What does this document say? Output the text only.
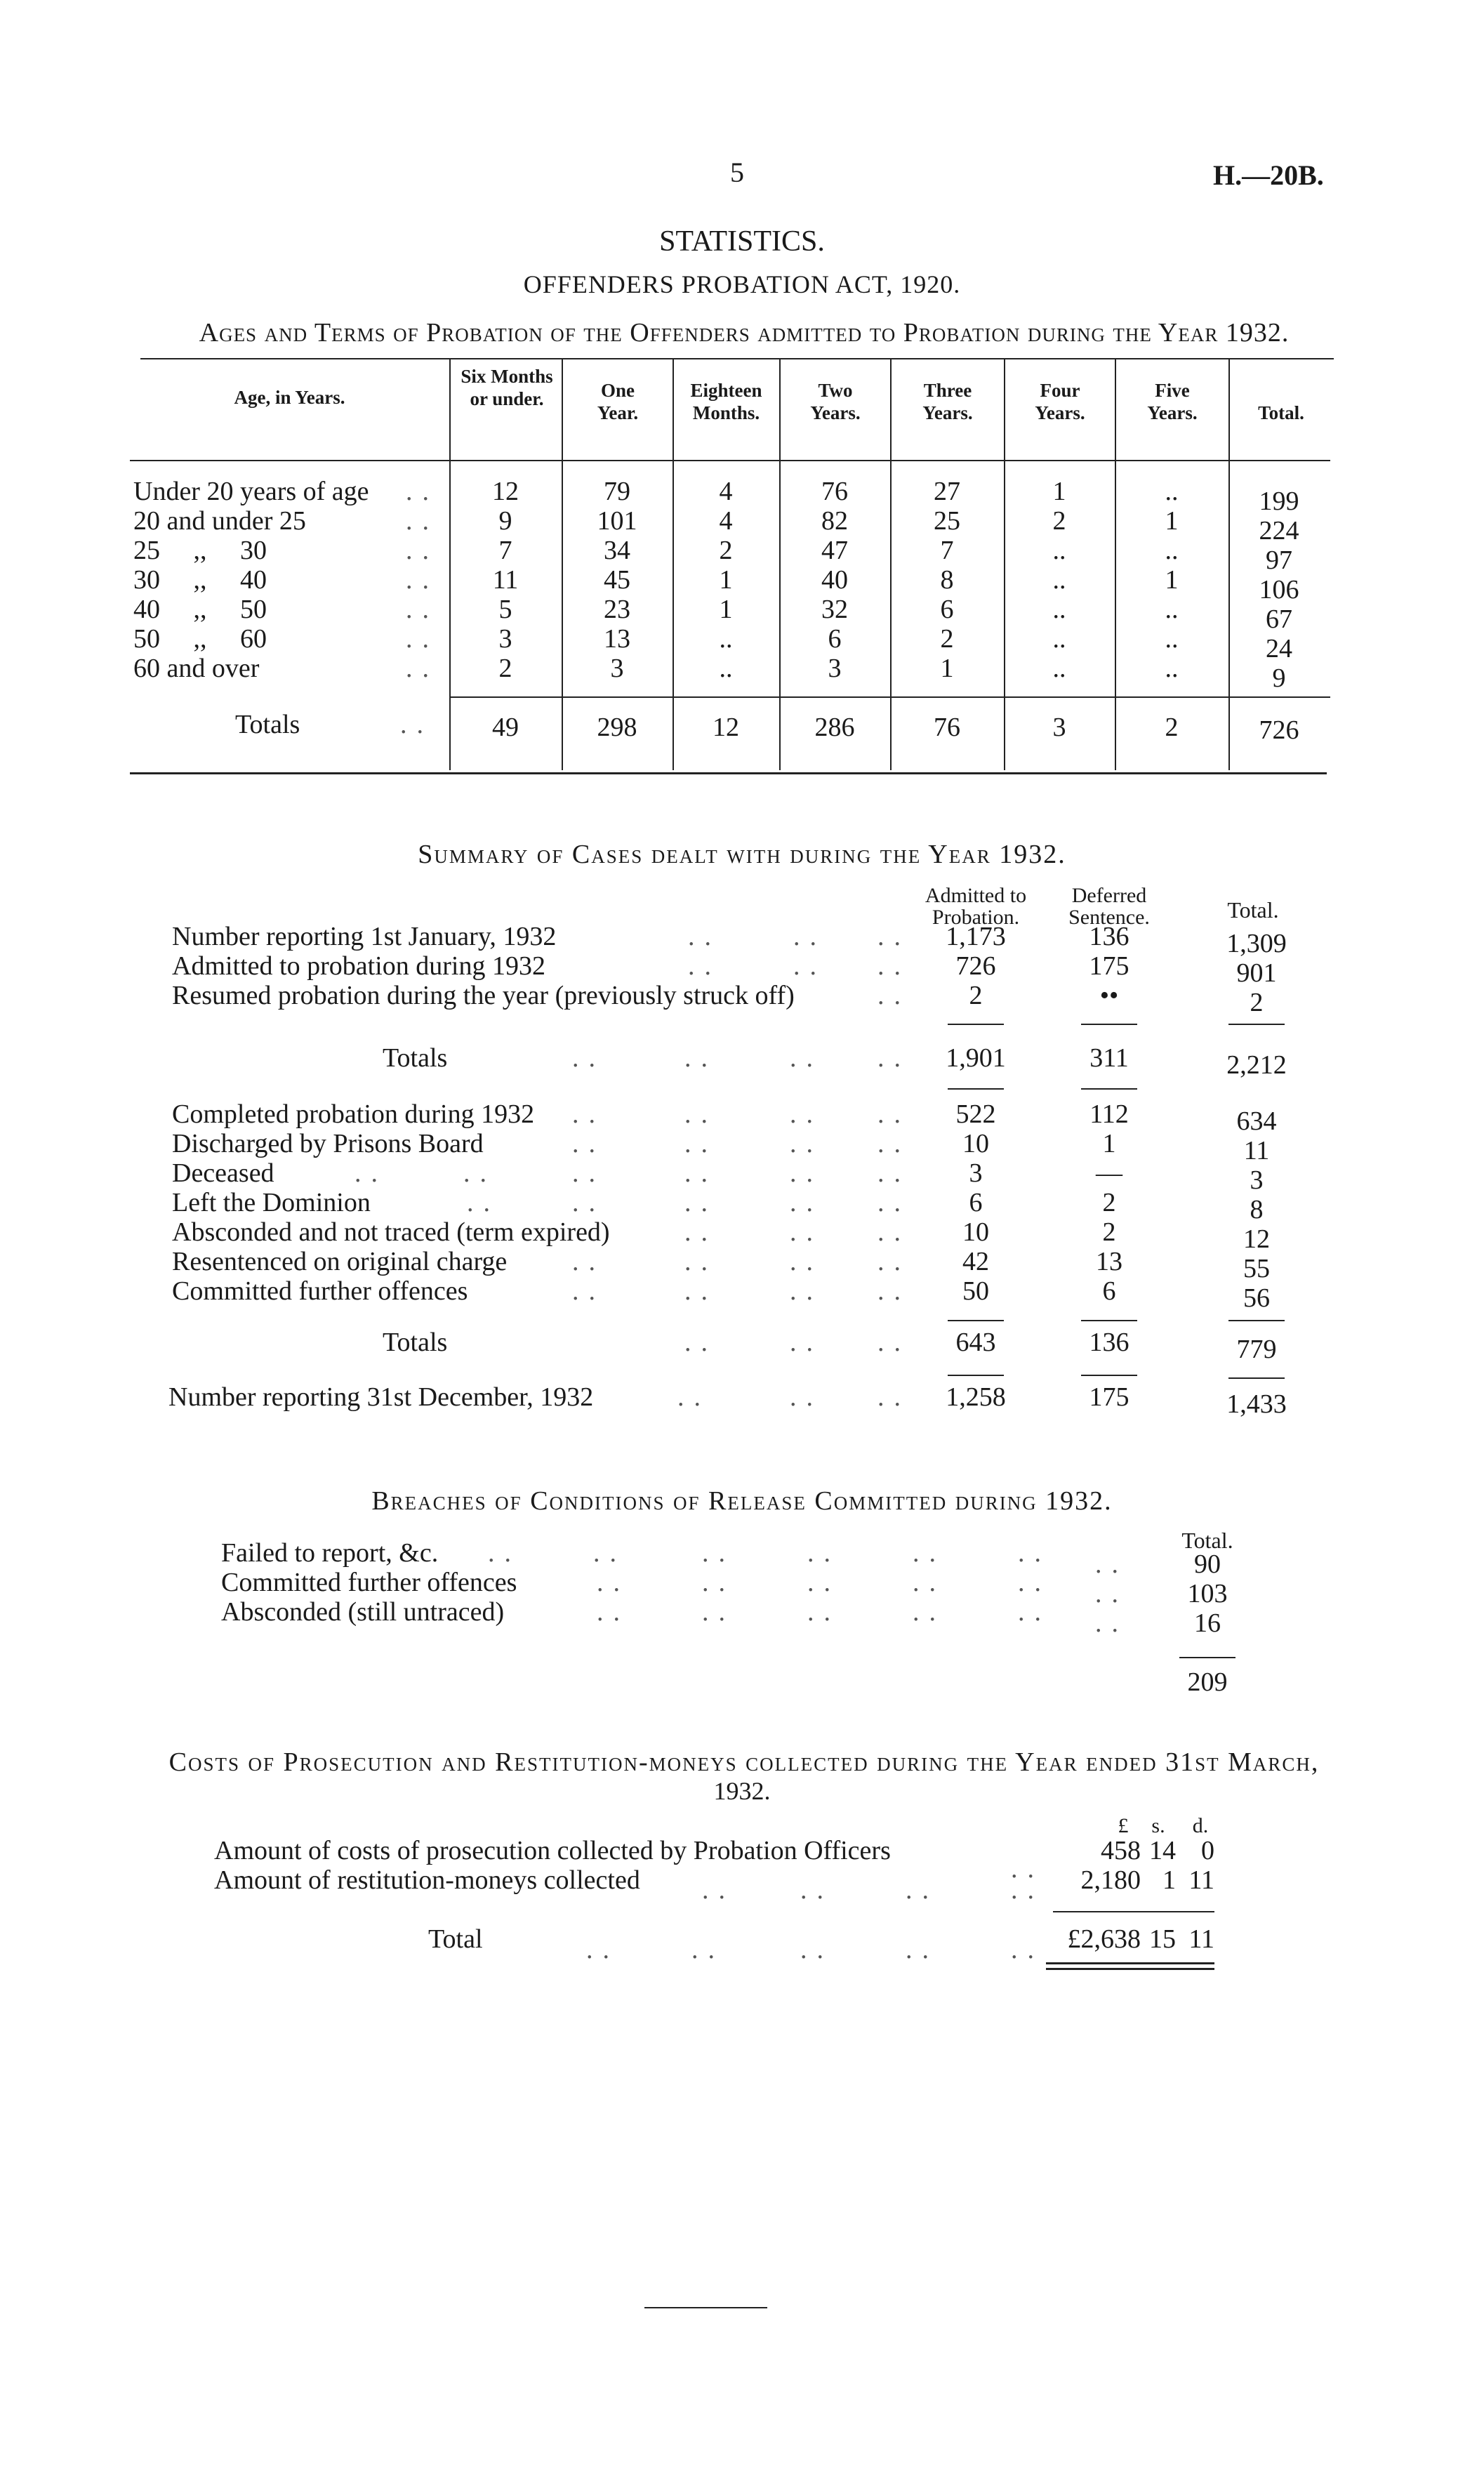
5	H.—20B.
STATISTICS.
OFFENDERS PROBATION ACT, 1920.
Ages and Terms of Probation of the Offenders admitted to Probation during the Year 1932.
Age, in Years.
Six Months or under.	One Year.
Eighteen Months.
Two Years.
Three Years.
Four Years.
Five Years.	Total.
Under 20 years of age ..	12	79	4	76	27	1	..	199
20 and under 25	..	9	101	4	82	25	2	1	224
25     ,,     30	..	7	34	2	47	7	..	..	97
30     ,,     40	..	11	45	1	40	8	..	1	106
40     ,,     50	..	5	23	1	32	6	..	..	67
50     ,,     60	..	3	13	..	6	2	..	..	24
60 and over	..	2	3	..	3	1	..	..	9
Totals	..	49	298	12	286	76	3	2	726
Summary of Cases dealt with during the Year 1932.
Admitted to Probation.
Deferred Sentence.	Total.
Number reporting 1st January, 1932	1,173	136	1,309
Admitted to probation during 1932	726	175	901
Resumed probation during the year (previously struck off)	2	••	2
Totals	1,901	311	2,212
Completed probation during 1932	522	112	634
Discharged by Prisons Board	10	1	11
Deceased	3	—	3
Left the Dominion	6	2	8
Absconded and not traced (term expired)	10	2	12
Resentenced on original charge	42	13	55
Committed further offences	50	6	56
Totals	643	136	779
Number reporting 31st December, 1932	1,258	175	1,433
..	.. ..
..	.. ..
..
..	..	.. ..
..	..	.. ..
..	..	.. ..
..	..	..	..	.. ..
..	..	..	.. ..
..	.. ..
..	..	.. ..
..	..	.. ..
..	.. ..
..	.. ..
..	..	..	..	..	.. ..
..	..	..	..	.. ..
..	..	..	..	.. ..
..
.. ..	..	..
..	..	..	..	..
Breaches of Conditions of Release Committed during 1932.
Total.
Failed to report, &c.	90
Committed further offences	103
Absconded (still untraced)	16
209
Costs of Prosecution and Restitution-moneys collected during the Year ended 31st March,
1932.
£	s.	d.
Amount of costs of prosecution collected by Probation Officers	458 14 0
Amount of restitution-moneys collected	2,180 1 11
Total	£2,638 15 11
